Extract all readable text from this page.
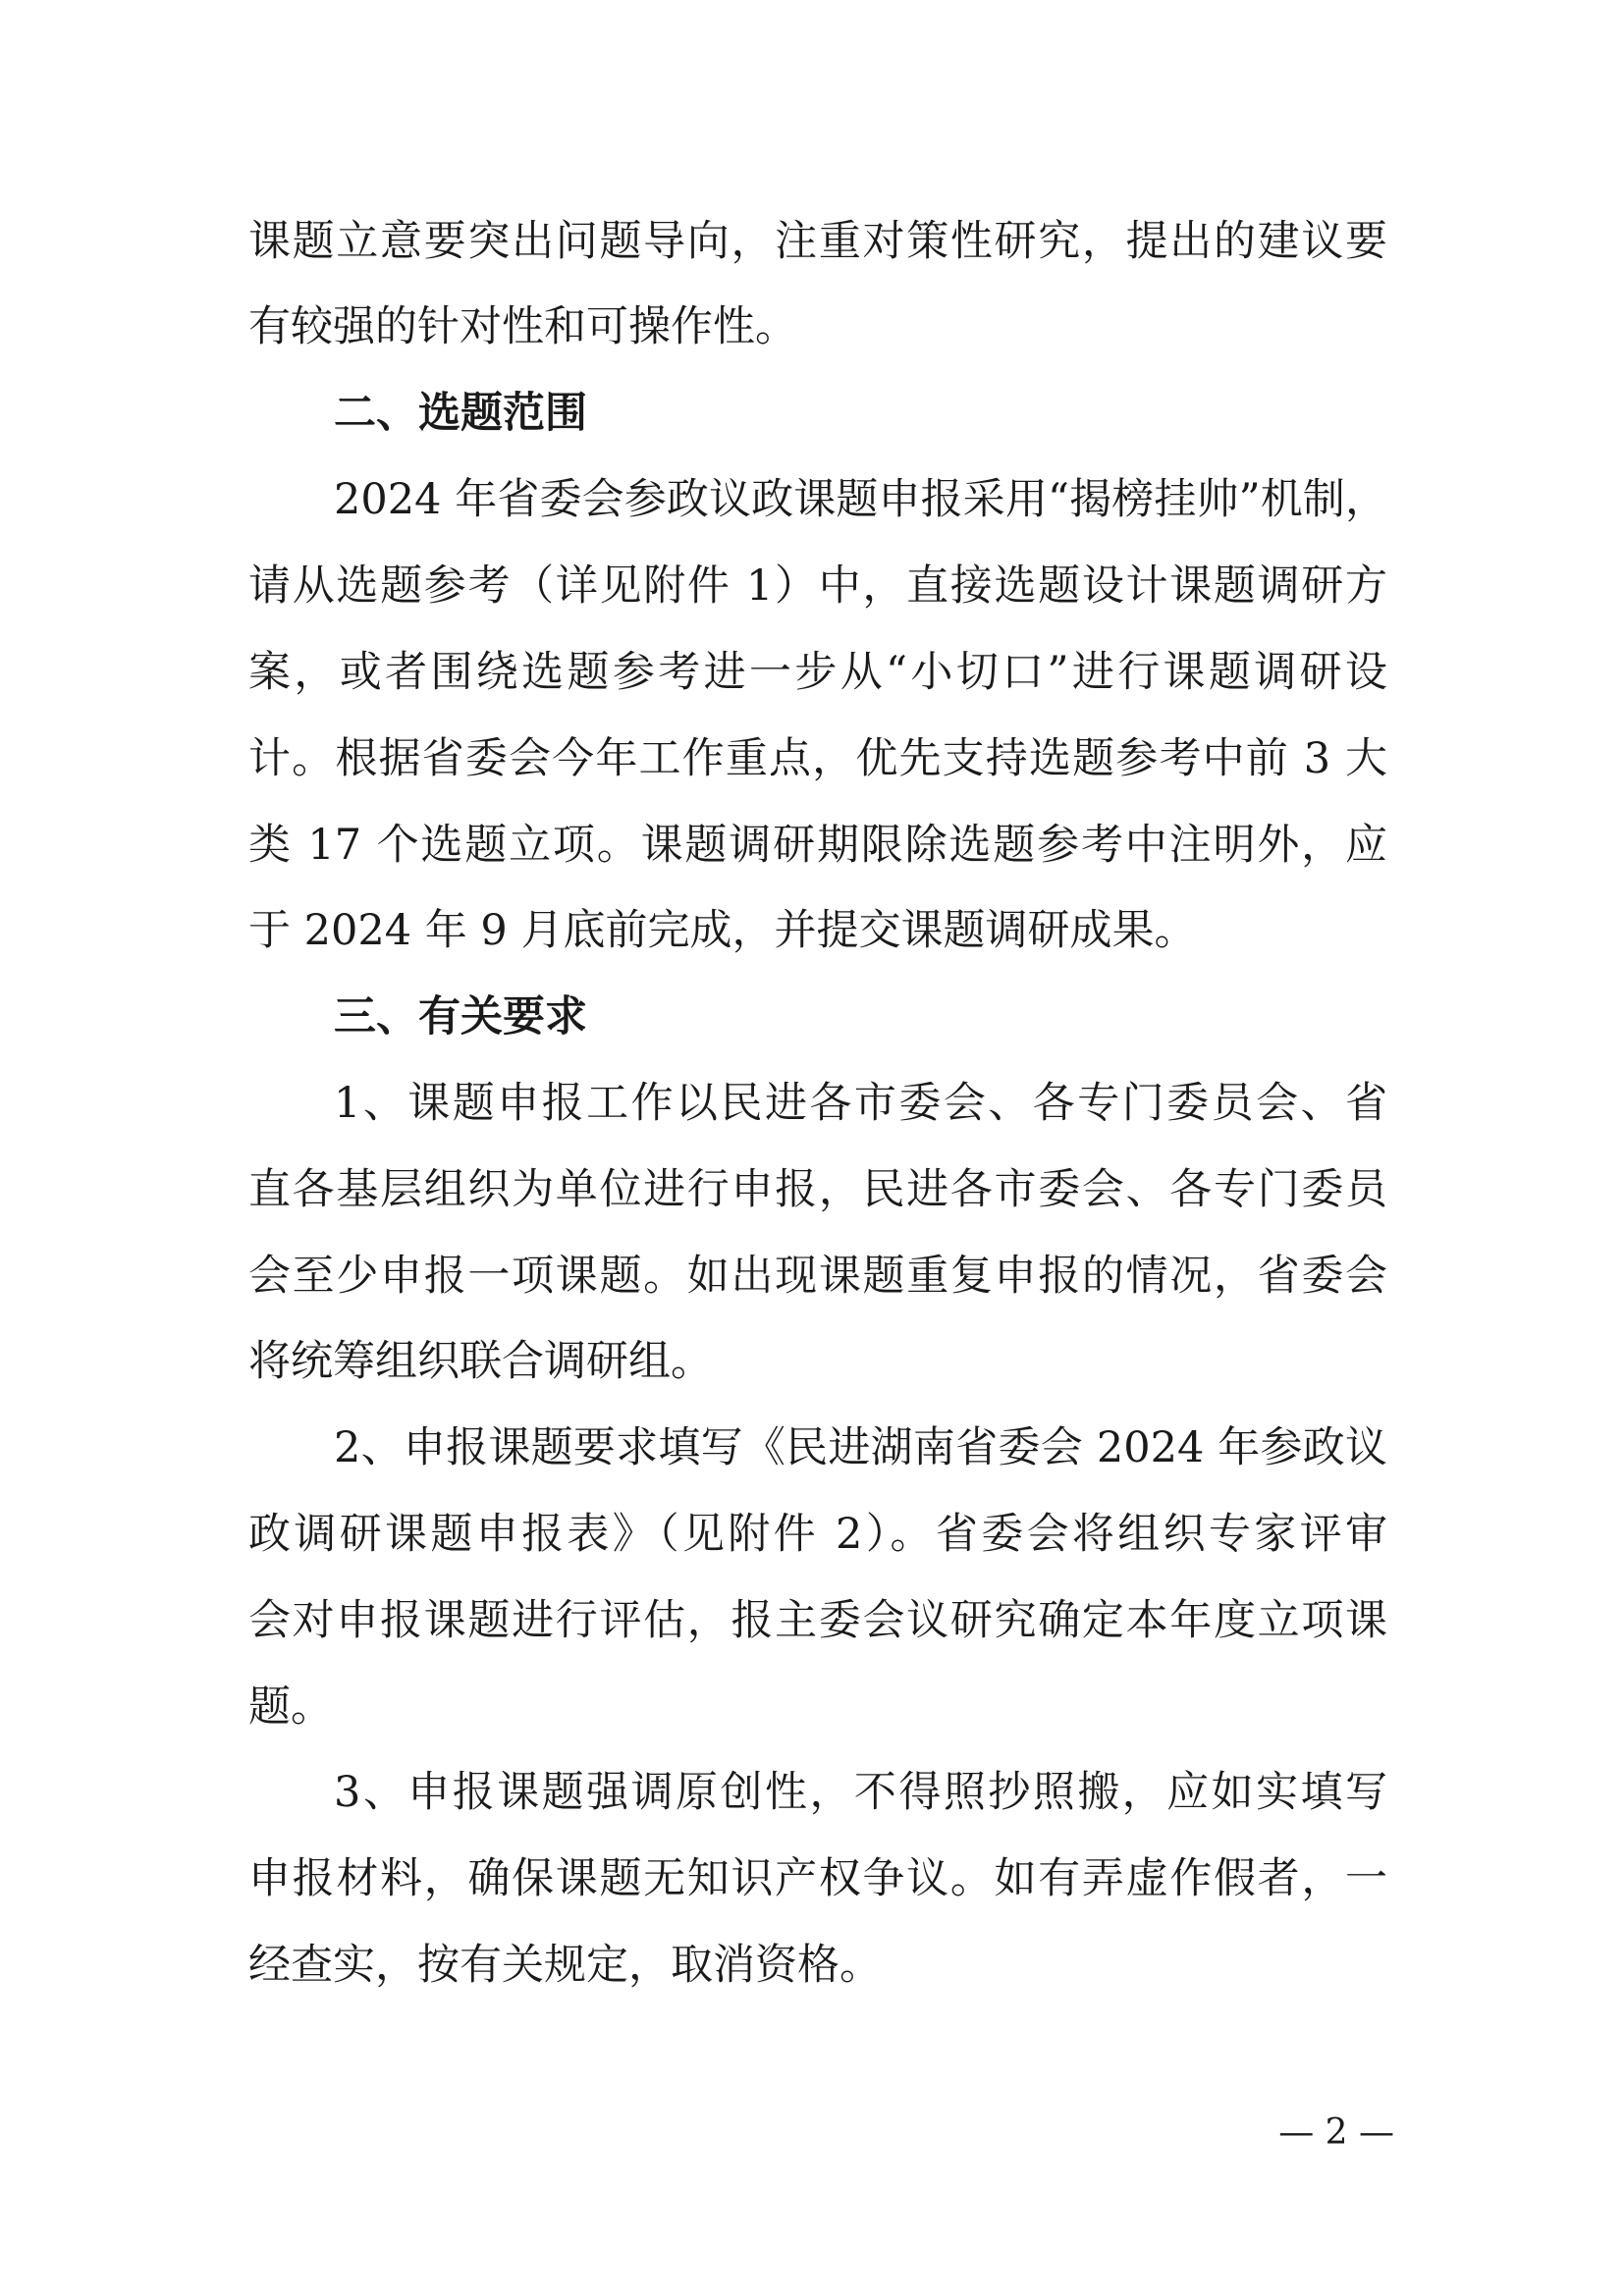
课题立意要突出问题导向，注重对策性研究，提出的建议要
有较强的针对性和可操作性。
二、选题范围
2024 年省委会参政议政课题申报采用“揭榜挂帅”机制，
请从选题参考（详见附件 1）中，直接选题设计课题调研方
案，或者围绕选题参考进一步从“小切口”进行课题调研设
计。根据省委会今年工作重点，优先支持选题参考中前 3 大
类 17 个选题立项。课题调研期限除选题参考中注明外，应
于 2024 年 9 月底前完成，并提交课题调研成果。
三、有关要求
1、课题申报工作以民进各市委会、各专门委员会、省
直各基层组织为单位进行申报，民进各市委会、各专门委员
会至少申报一项课题。如出现课题重复申报的情况，省委会
将统筹组织联合调研组。
2、申报课题要求填写《民进湖南省委会 2024 年参政议
政调研课题申报表》（见附件 2）。省委会将组织专家评审
会对申报课题进行评估，报主委会议研究确定本年度立项课
题。
3、申报课题强调原创性，不得照抄照搬，应如实填写
申报材料，确保课题无知识产权争议。如有弄虚作假者，一
经查实，按有关规定，取消资格。
— 2 —
